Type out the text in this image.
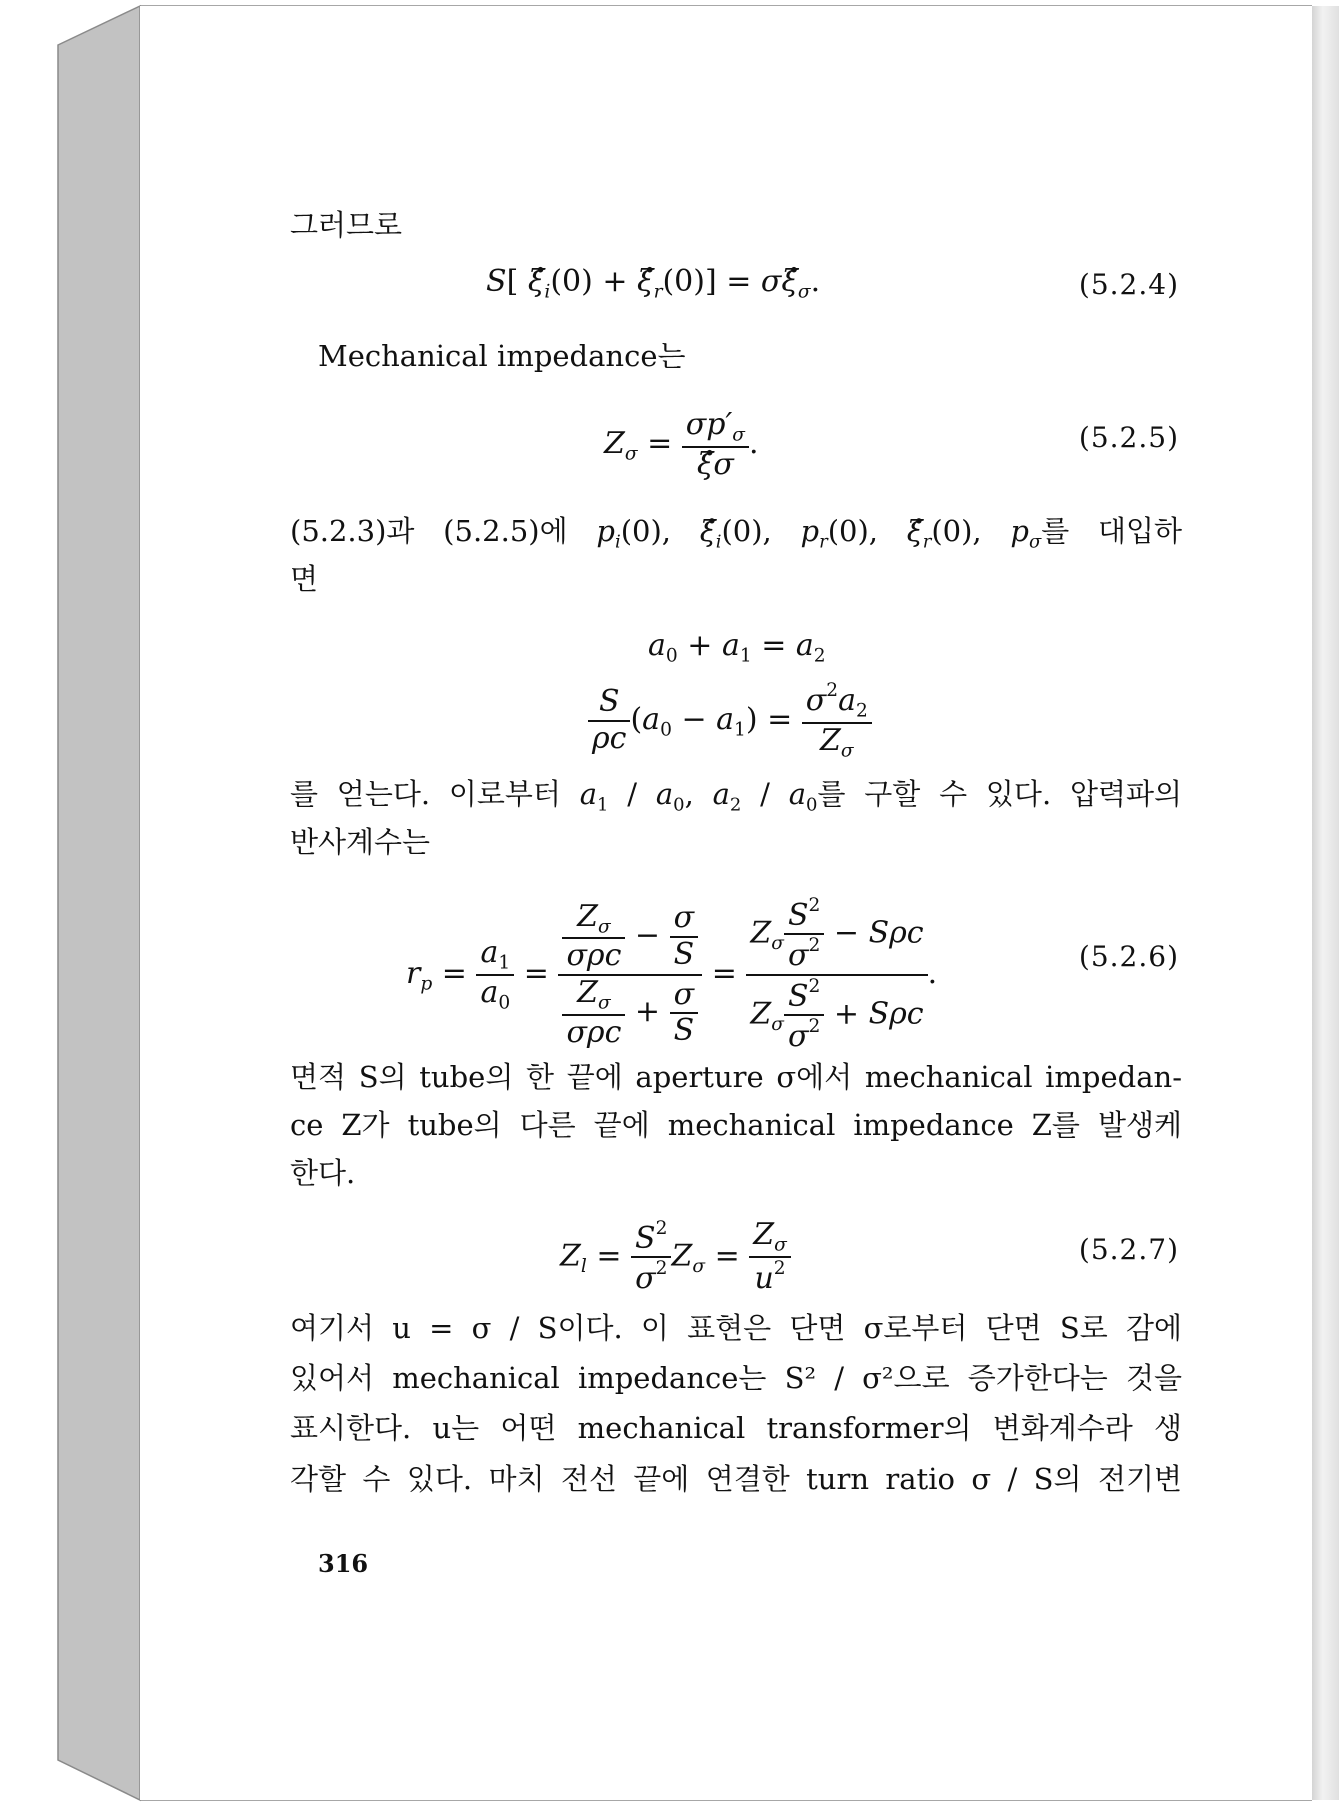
그러므로
S[ . $\xi_i(0)$ + . $\xi_r(0)] = \sigma$. $\xi_\sigma$.	(5.2.4)
Mechanical impedance는
$Z_\sigma = \sigma p'_\sigma$
. ξσ .	(5.2.5)
(5.2.3)과 (5.2.5)에 $p_i(0)$, . $\xi_i(0)$, $p_r(0)$, . $\xi_r(0)$, $p_\sigma$를 대입하
면
$a_0 + a_1 = a_2$
$\frac{S}{\rho c} (a_0 - a_1) = \frac{\sigma^2a_2}{Z_\sigma}$
를 얻는다. 이로부터 $a_1 / a_0$, $a_2 / a_0$를 구할 수 있다. 압력파의
반사계수는
$r_p = \frac{a_1}{a_0}$ =
$Z_\sigma$
σρc
− $\frac{\sigma}{S}$
$Z_\sigma$
σρc
+ $\frac{\sigma}{S}$
=
$Z_\sigma \frac{S^2}{\sigma^2} - S\rho c$
$Z_\sigma \frac{S^2}{\sigma^2} + S\rho c$
.	(5.2.6)
면적 S의 tube의 한 끝에 aperture σ에서 mechanical impedan-
ce Z가 tube의 다른 끝에 mechanical impedance Z를 발생케
한다.
$Z_l = \frac{S^2}{\sigma^2} Z_\sigma = \frac{Z_\sigma}{u^2}$	(5.2.7)
여기서 u = σ / S이다. 이 표현은 단면 σ로부터 단면 S로 감에
있어서 mechanical impedance는 S² / σ²으로 증가한다는 것을
표시한다. u는 어떤 mechanical transformer의 변화계수라 생
각할 수 있다. 마치 전선 끝에 연결한 turn ratio σ / S의 전기변
316
